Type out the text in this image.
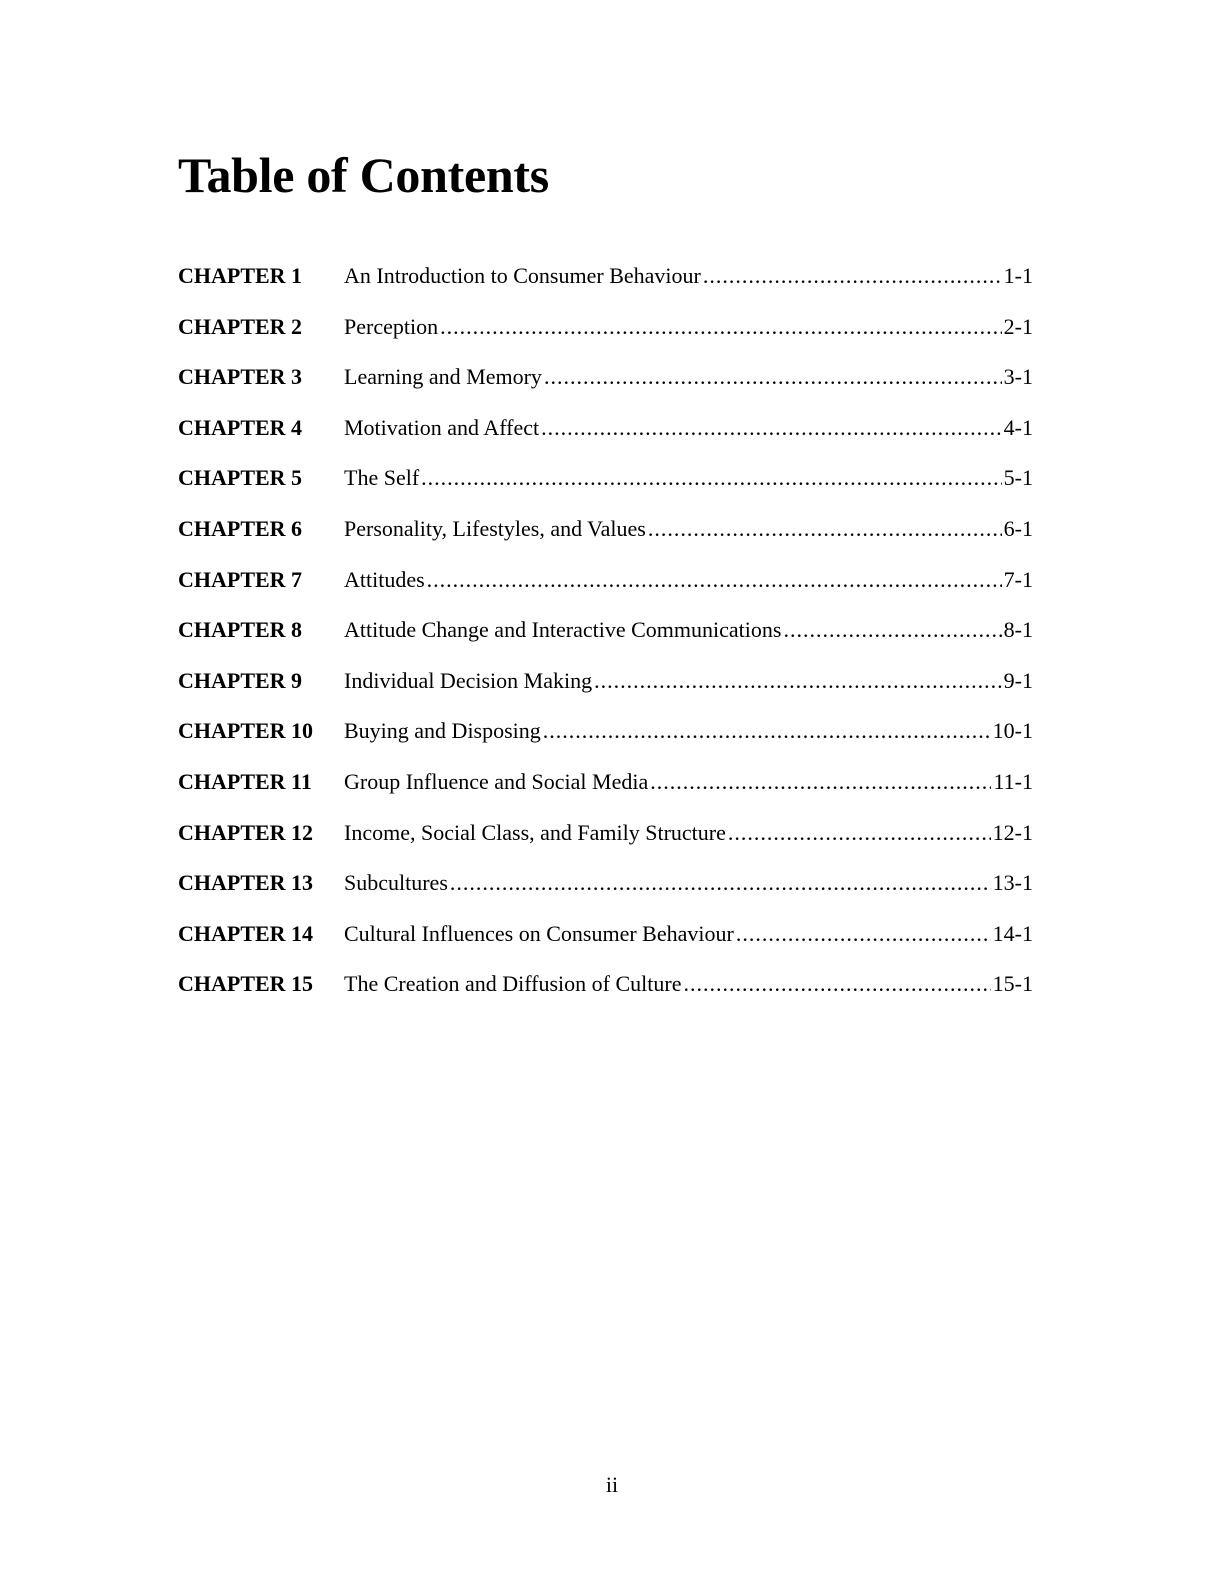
Table of Contents
CHAPTER 1	An Introduction to Consumer Behaviour .....	1-1
CHAPTER 2	Perception .....	2-1
CHAPTER 3	Learning and Memory .....	3-1
CHAPTER 4	Motivation and Affect .....	4-1
CHAPTER 5	The Self .....	5-1
CHAPTER 6	Personality, Lifestyles, and Values .....	6-1
CHAPTER 7	Attitudes .....	7-1
CHAPTER 8	Attitude Change and Interactive Communications .....	8-1
CHAPTER 9	Individual Decision Making .....	9-1
CHAPTER 10	Buying and Disposing .....	10-1
CHAPTER 11	Group Influence and Social Media .....	11-1
CHAPTER 12	Income, Social Class, and Family Structure .....	12-1
CHAPTER 13	Subcultures .....	13-1
CHAPTER 14	Cultural Influences on Consumer Behaviour .....	14-1
CHAPTER 15	The Creation and Diffusion of Culture .....	15-1
ii
